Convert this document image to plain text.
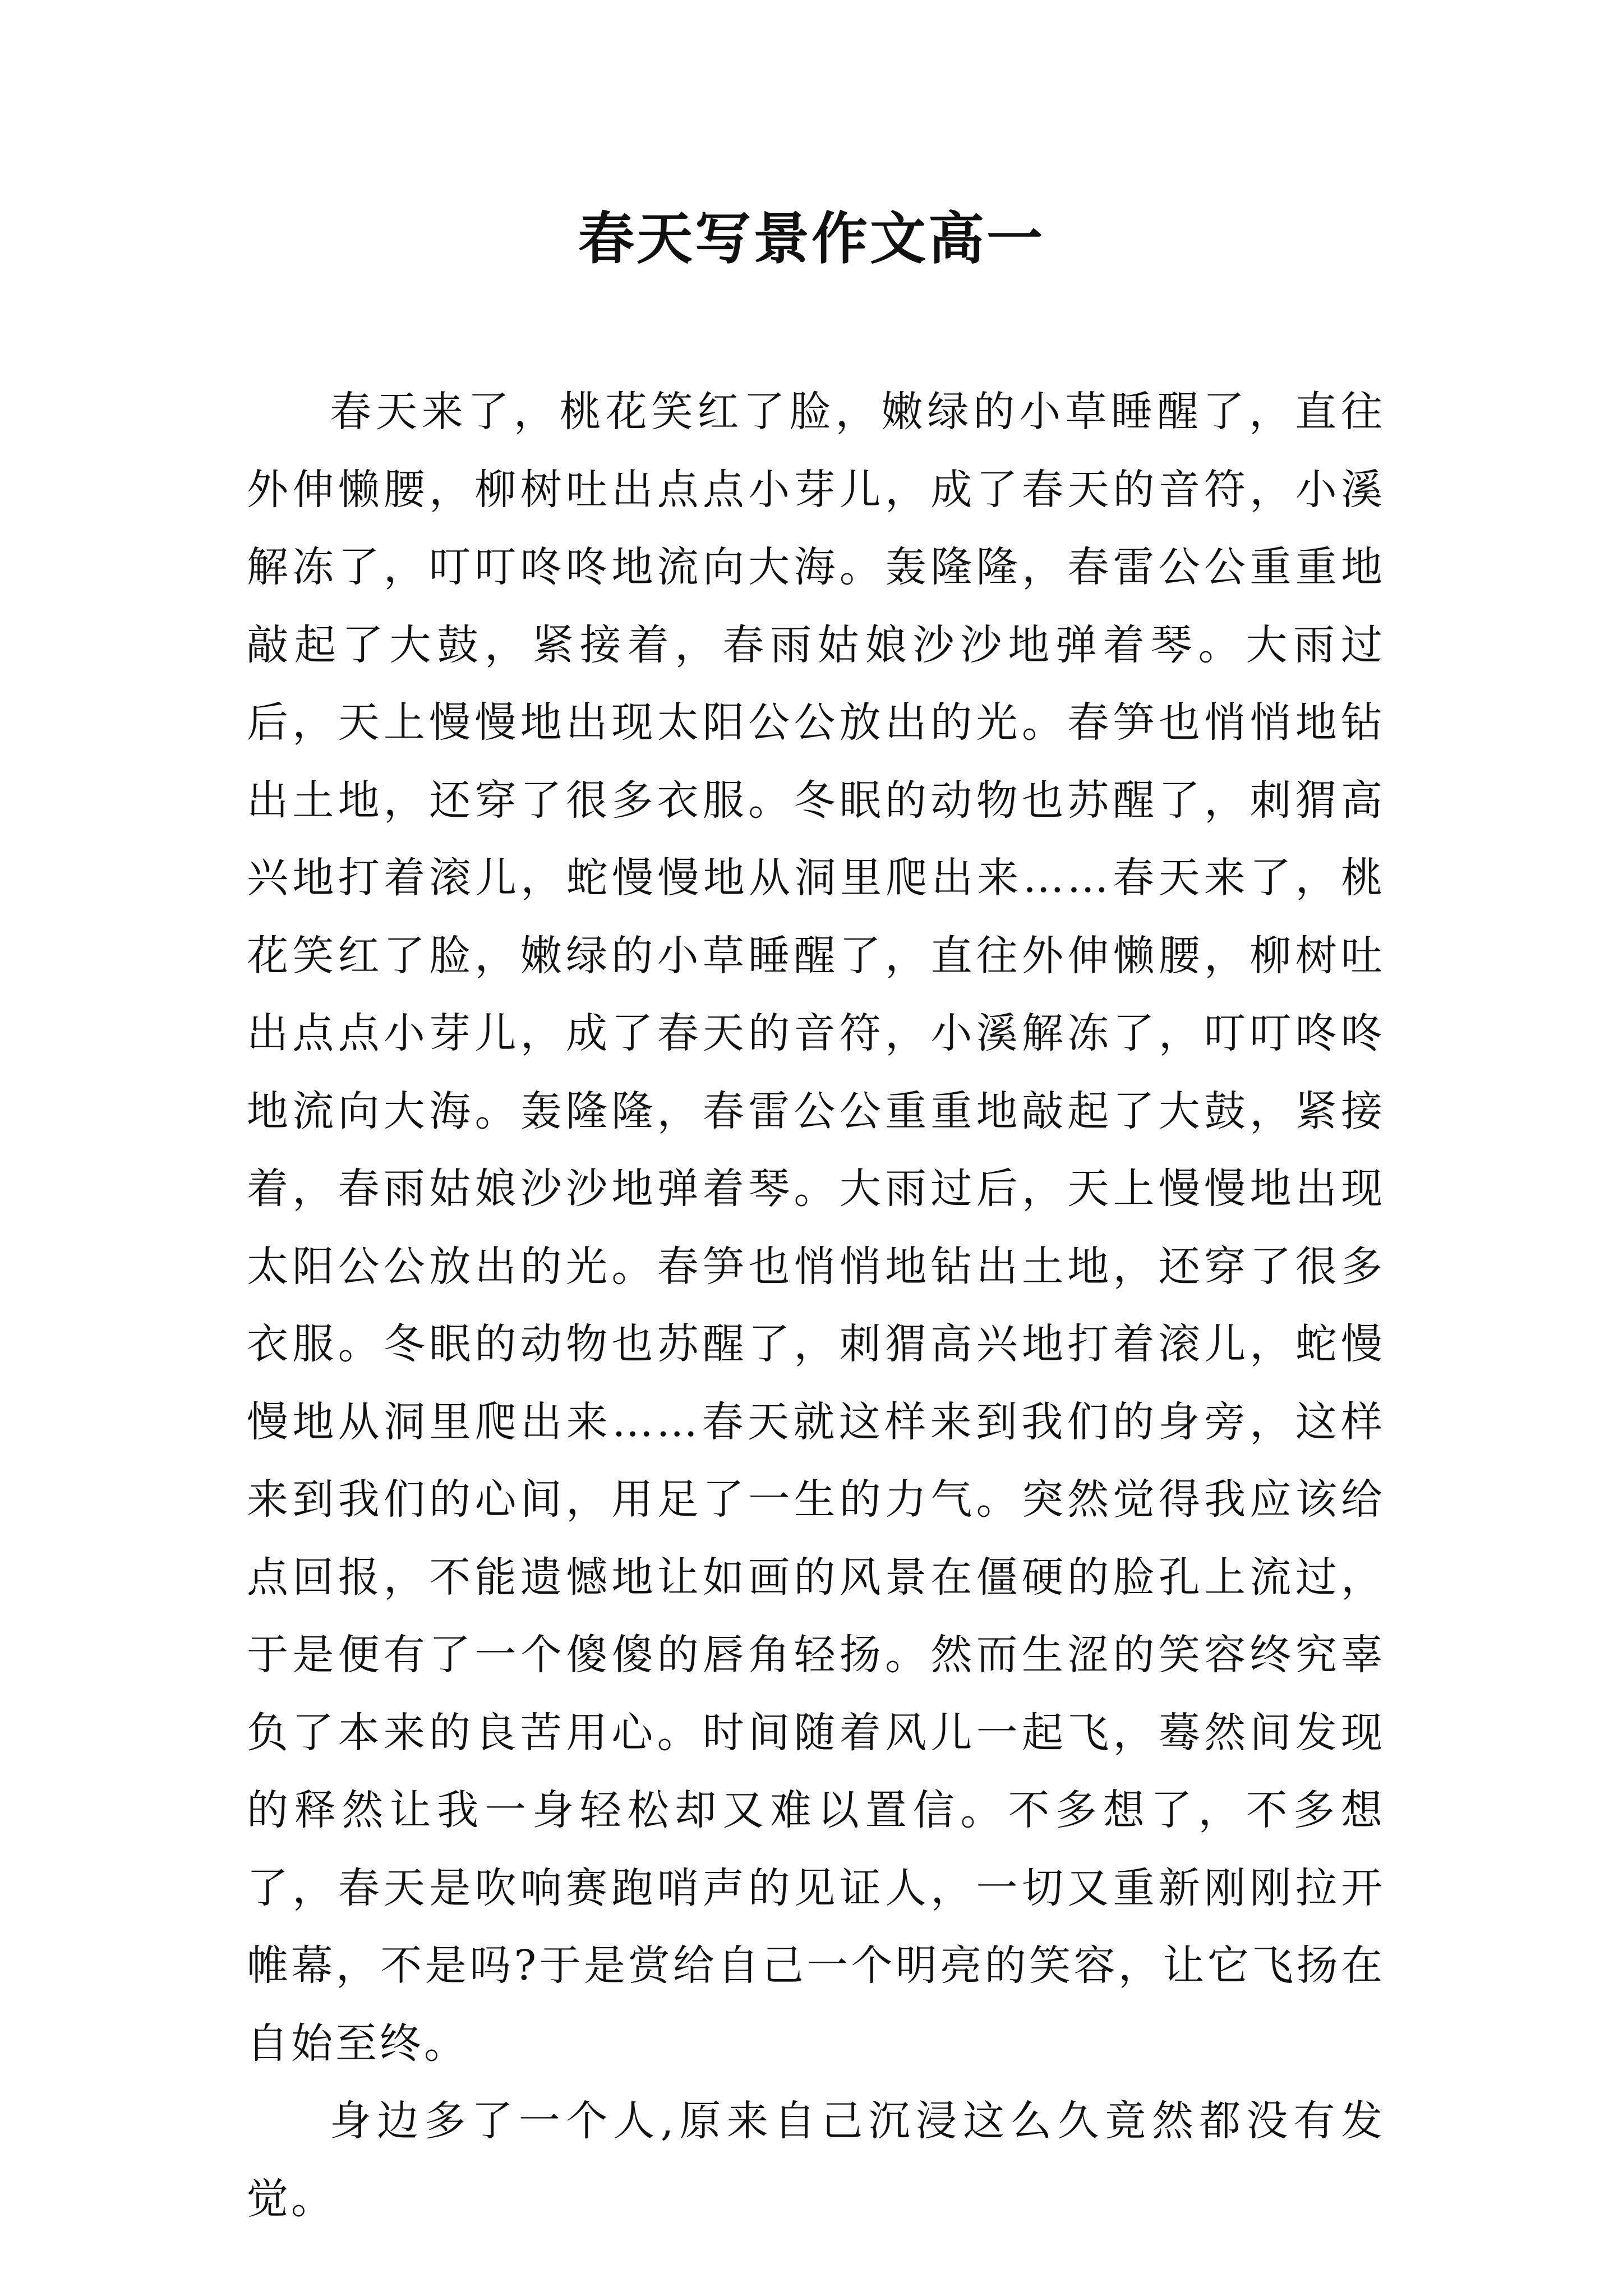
春天写景作文高一

春天来了，桃花笑红了脸，嫩绿的小草睡醒了，直往外伸懒腰，柳树吐出点点小芽儿，成了春天的音符，小溪解冻了，叮叮咚咚地流向大海。轰隆隆，春雷公公重重地敲起了大鼓，紧接着，春雨姑娘沙沙地弹着琴。大雨过后，天上慢慢地出现太阳公公放出的光。春笋也悄悄地钻出土地，还穿了很多衣服。冬眠的动物也苏醒了，刺猬高兴地打着滚儿，蛇慢慢地从洞里爬出来……春天来了，桃花笑红了脸，嫩绿的小草睡醒了，直往外伸懒腰，柳树吐出点点小芽儿，成了春天的音符，小溪解冻了，叮叮咚咚地流向大海。轰隆隆，春雷公公重重地敲起了大鼓，紧接着，春雨姑娘沙沙地弹着琴。大雨过后，天上慢慢地出现太阳公公放出的光。春笋也悄悄地钻出土地，还穿了很多衣服。冬眠的动物也苏醒了，刺猬高兴地打着滚儿，蛇慢慢地从洞里爬出来……春天就这样来到我们的身旁，这样来到我们的心间，用足了一生的力气。突然觉得我应该给点回报，不能遗憾地让如画的风景在僵硬的脸孔上流过，于是便有了一个傻傻的唇角轻扬。然而生涩的笑容终究辜负了本来的良苦用心。时间随着风儿一起飞，蓦然间发现的释然让我一身轻松却又难以置信。不多想了，不多想了，春天是吹响赛跑哨声的见证人，一切又重新刚刚拉开帷幕，不是吗?于是赏给自己一个明亮的笑容，让它飞扬在自始至终。

身边多了一个人,原来自己沉浸这么久竟然都没有发觉。
